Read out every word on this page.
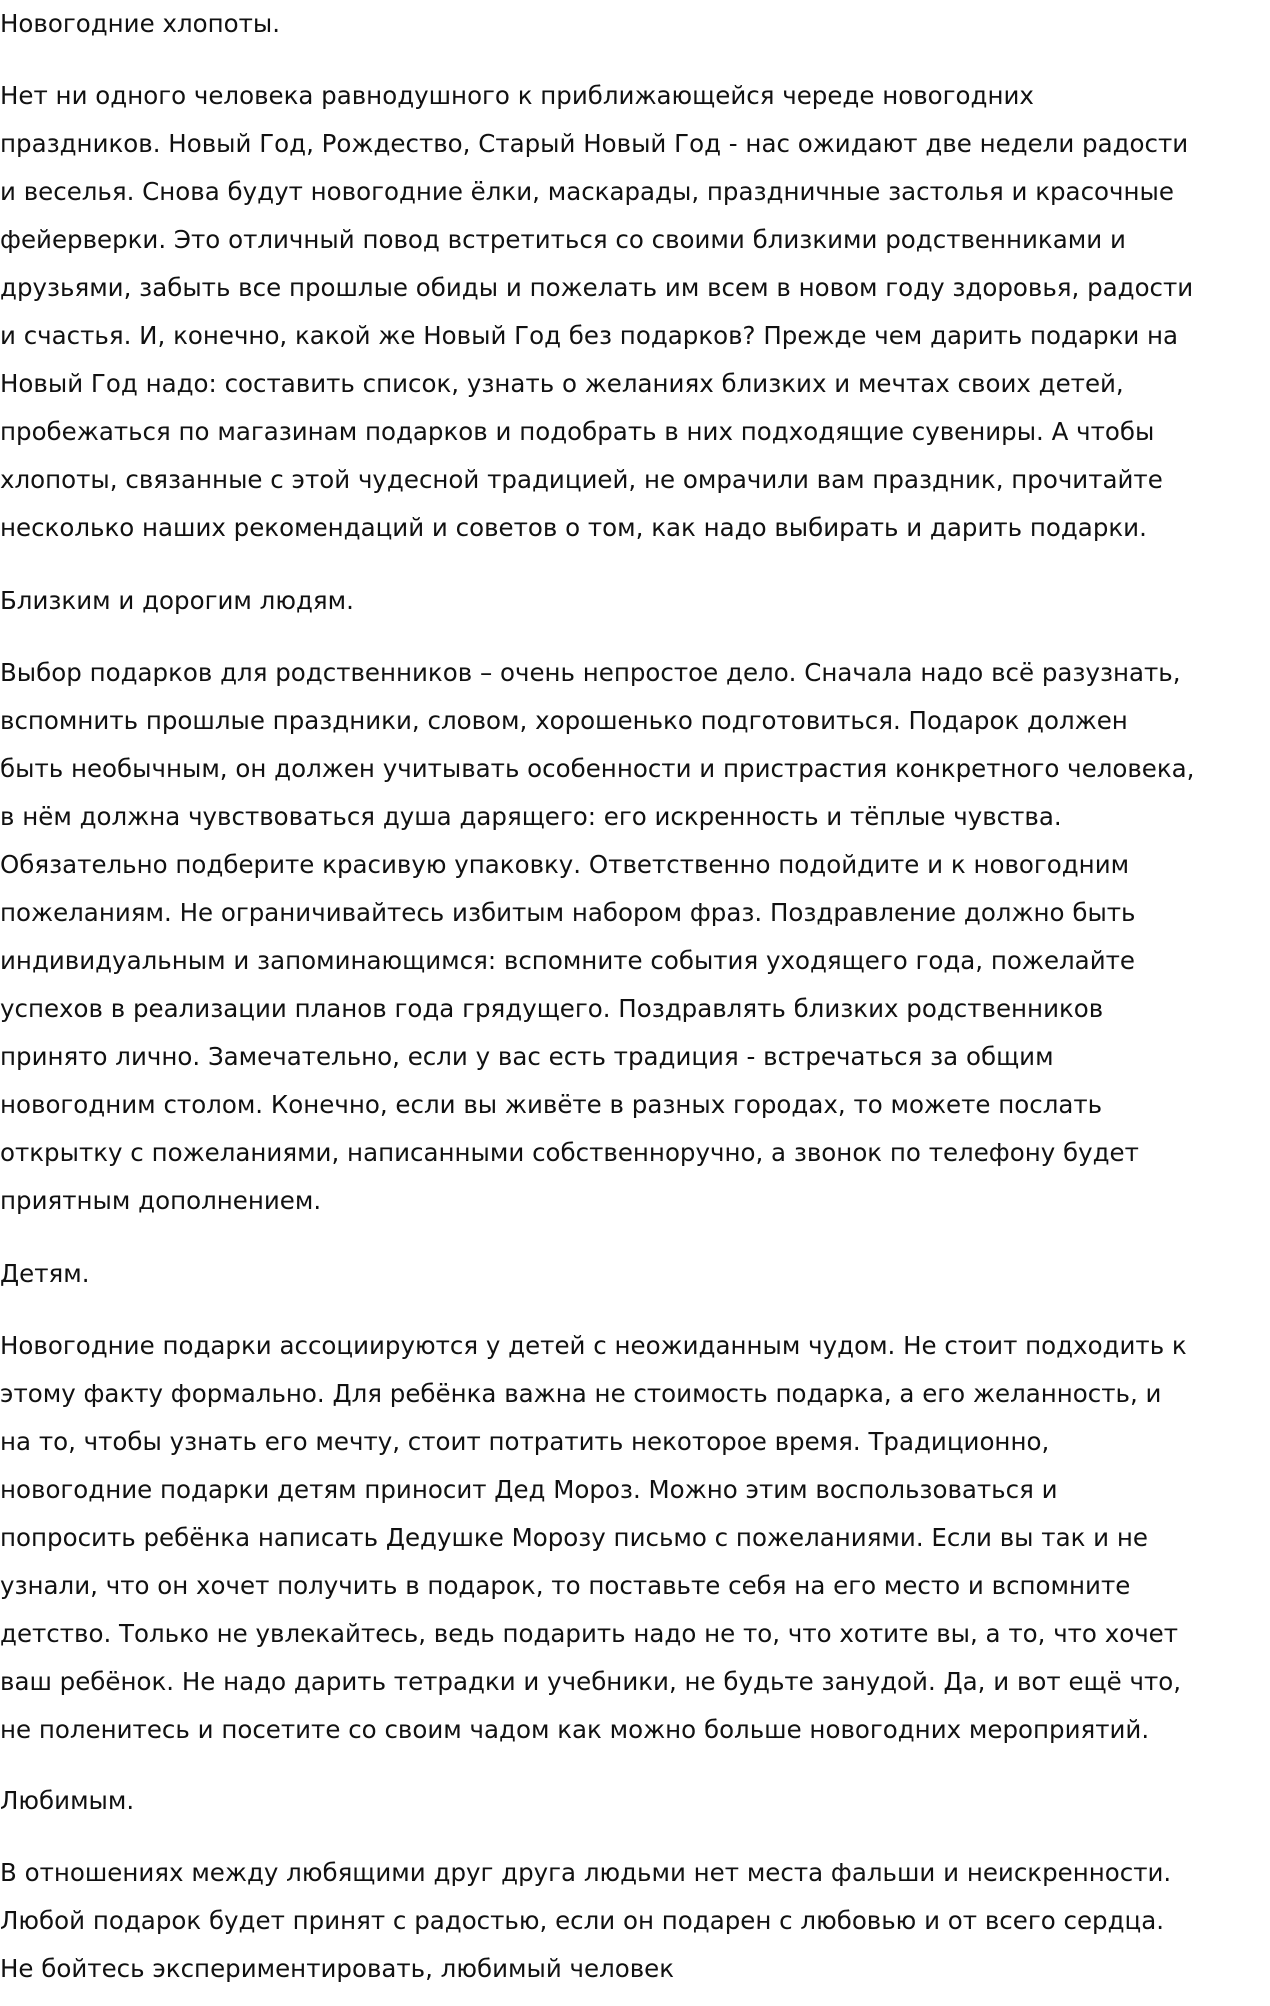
Новогодние хлопоты.
Нет ни одного человека равнодушного к приближающейся череде новогодних
праздников. Новый Год, Рождество, Старый Новый Год - нас ожидают две недели радости
и веселья. Снова будут новогодние ёлки, маскарады, праздничные застолья и красочные
фейерверки. Это отличный повод встретиться со своими близкими родственниками и
друзьями, забыть все прошлые обиды и пожелать им всем в новом году здоровья, радости
и счастья. И, конечно, какой же Новый Год без подарков? Прежде чем дарить подарки на
Новый Год надо: составить список, узнать о желаниях близких и мечтах своих детей,
пробежаться по магазинам подарков и подобрать в них подходящие сувениры. А чтобы
хлопоты, связанные с этой чудесной традицией, не омрачили вам праздник, прочитайте
несколько наших рекомендаций и советов о том, как надо выбирать и дарить подарки.
Близким и дорогим людям.
Выбор подарков для родственников – очень непростое дело. Сначала надо всё разузнать,
вспомнить прошлые праздники, словом, хорошенько подготовиться. Подарок должен
быть необычным, он должен учитывать особенности и пристрастия конкретного человека,
в нём должна чувствоваться душа дарящего: его искренность и тёплые чувства.
Обязательно подберите красивую упаковку. Ответственно подойдите и к новогодним
пожеланиям. Не ограничивайтесь избитым набором фраз. Поздравление должно быть
индивидуальным и запоминающимся: вспомните события уходящего года, пожелайте
успехов в реализации планов года грядущего. Поздравлять близких родственников
принято лично. Замечательно, если у вас есть традиция - встречаться за общим
новогодним столом. Конечно, если вы живёте в разных городах, то можете послать
открытку с пожеланиями, написанными собственноручно, а звонок по телефону будет
приятным дополнением.
Детям.
Новогодние подарки ассоциируются у детей с неожиданным чудом. Не стоит подходить к
этому факту формально. Для ребёнка важна не стоимость подарка, а его желанность, и
на то, чтобы узнать его мечту, стоит потратить некоторое время. Традиционно,
новогодние подарки детям приносит Дед Мороз. Можно этим воспользоваться и
попросить ребёнка написать Дедушке Морозу письмо с пожеланиями. Если вы так и не
узнали, что он хочет получить в подарок, то поставьте себя на его место и вспомните
детство. Только не увлекайтесь, ведь подарить надо не то, что хотите вы, а то, что хочет
ваш ребёнок. Не надо дарить тетрадки и учебники, не будьте занудой. Да, и вот ещё что,
не поленитесь и посетите со своим чадом как можно больше новогодних мероприятий.
Любимым.
В отношениях между любящими друг друга людьми нет места фальши и неискренности.
Любой подарок будет принят с радостью, если он подарен с любовью и от всего сердца.
Не бойтесь экспериментировать, любимый человек
